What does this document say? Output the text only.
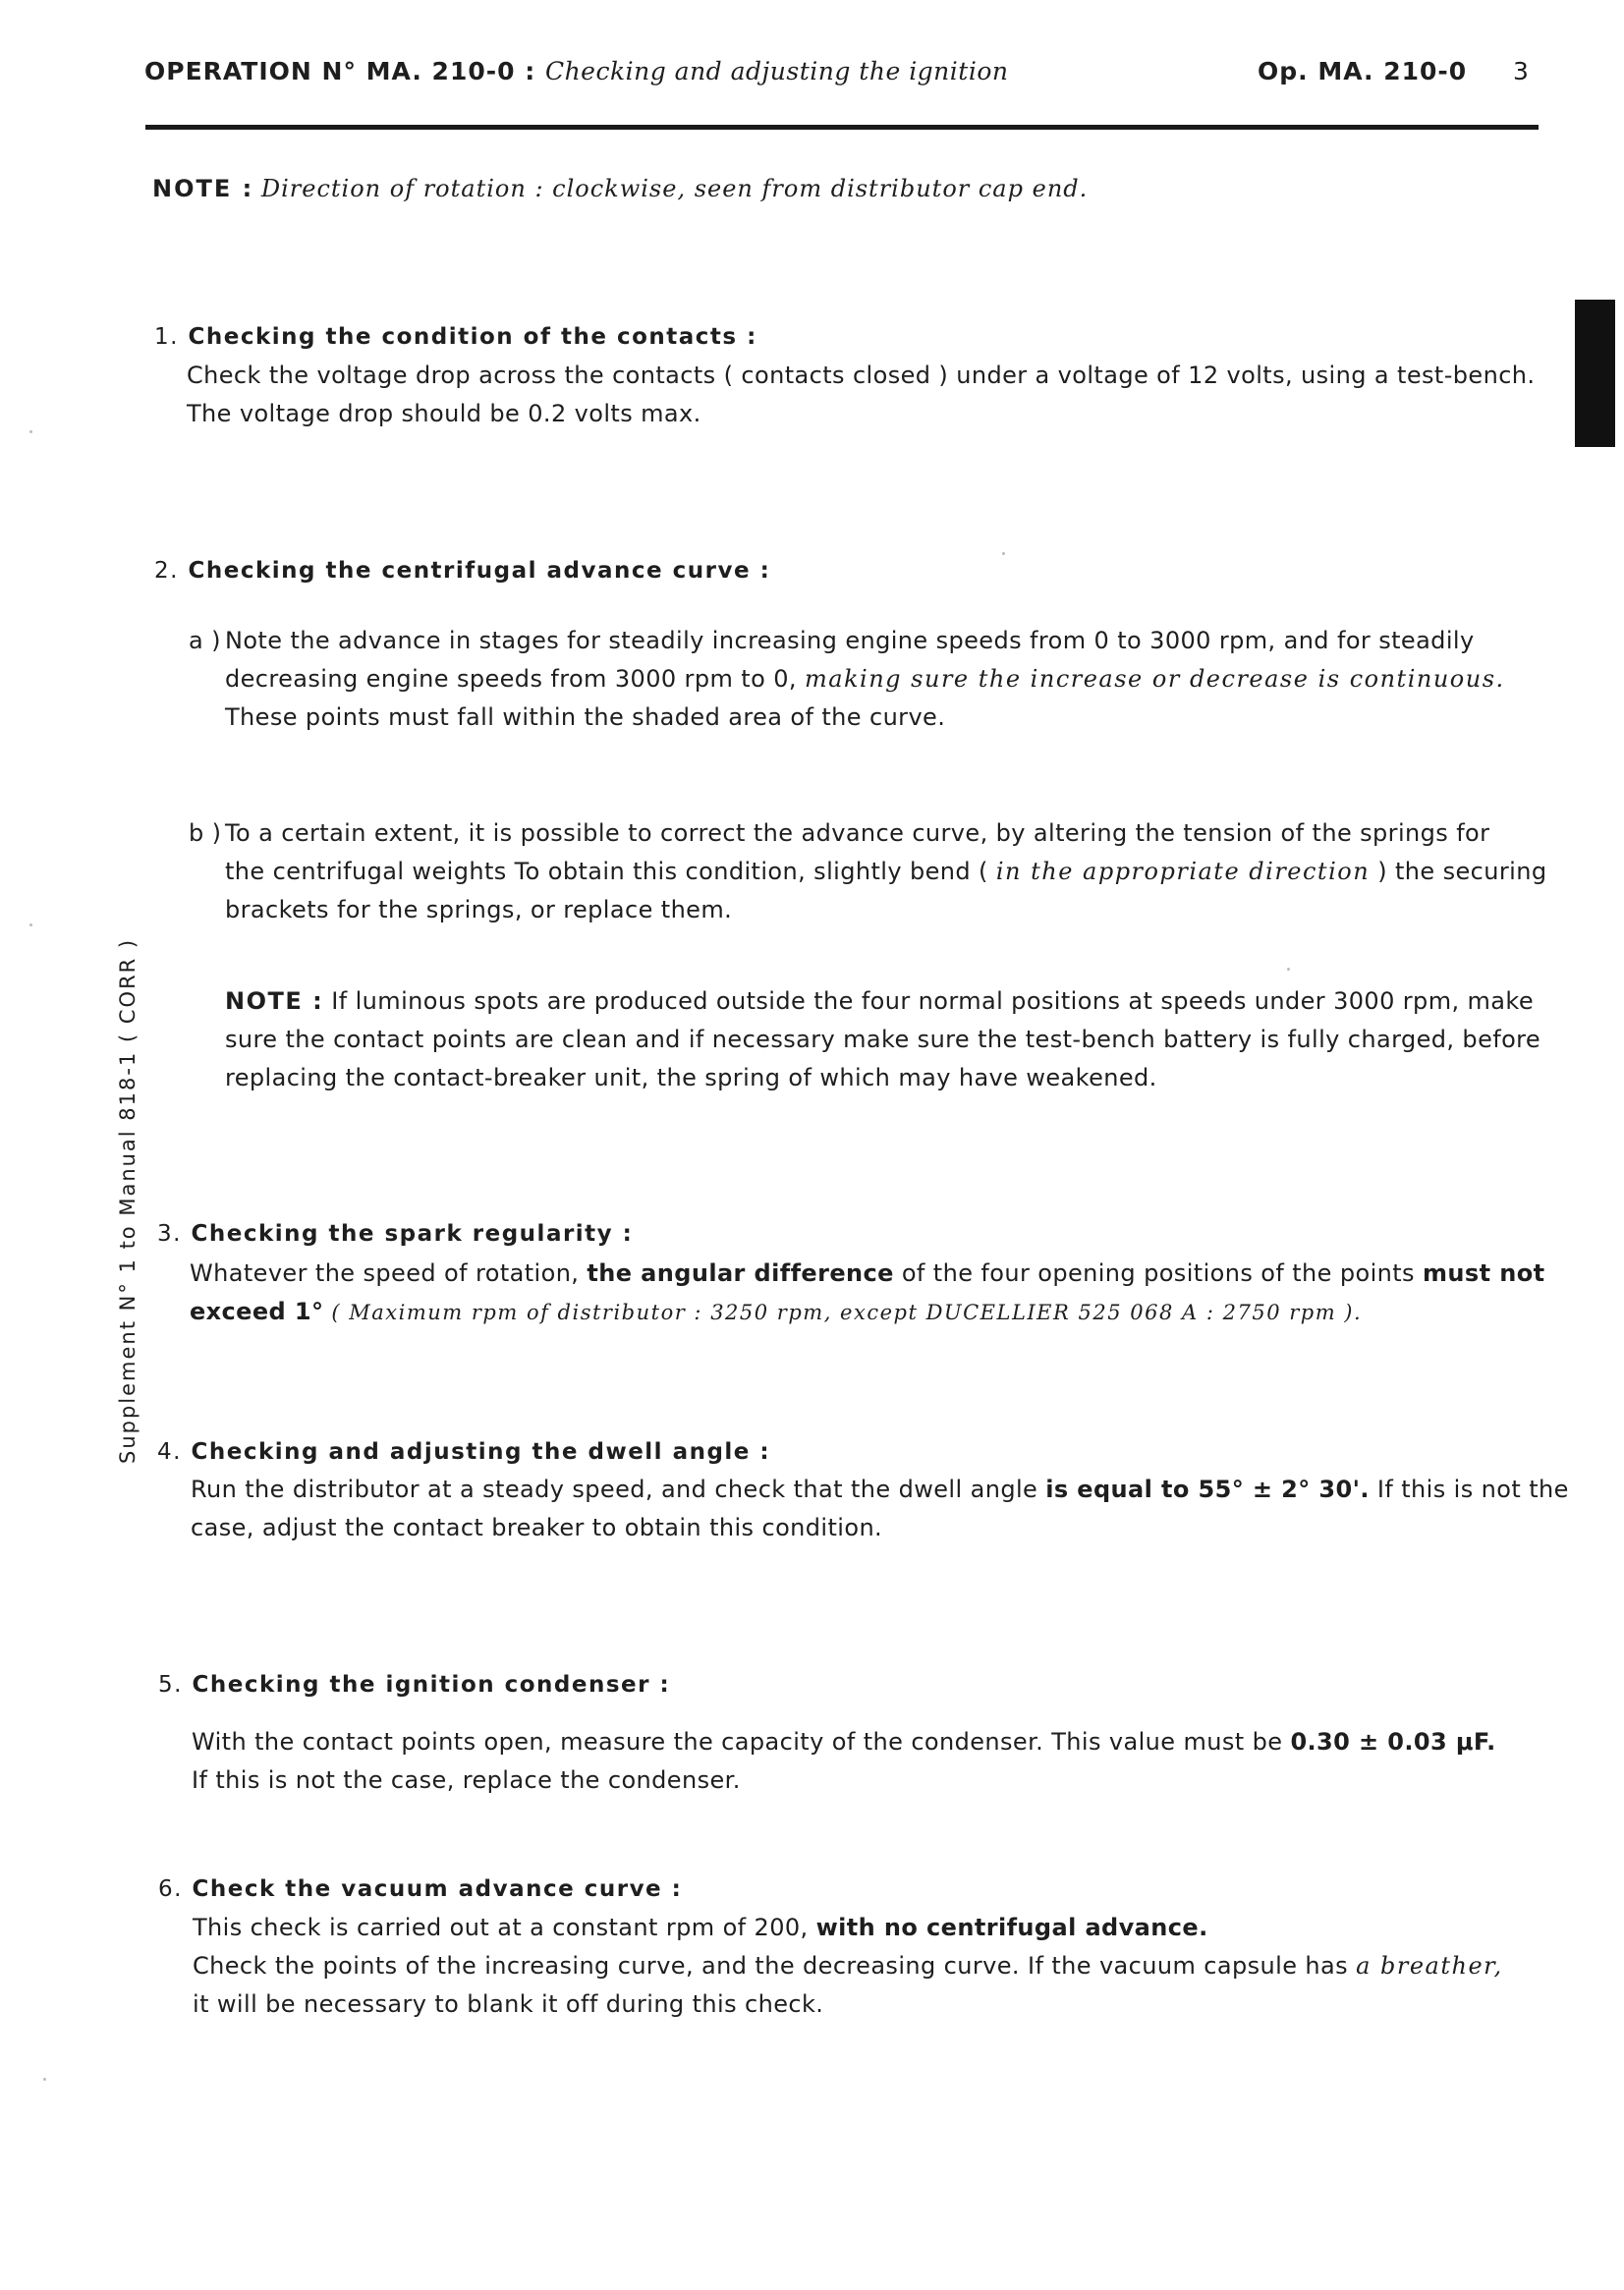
OPERATION N° MA. 210-0 : Checking and adjusting the ignition	Op. MA. 210-0 3
NOTE : Direction of rotation : clockwise, seen from distributor cap end.
Supplement N° 1 to Manual 818-1 ( CORR )
1. Checking the condition of the contacts :

Check the voltage drop across the contacts ( contacts closed ) under a voltage of 12 volts, using a test-bench.

The voltage drop should be 0.2 volts max.

2. Checking the centrifugal advance curve :
a ) Note the advance in stages for steadily increasing engine speeds from 0 to 3000 rpm, and for steadily

decreasing engine speeds from 3000 rpm to 0, making sure the increase or decrease is continuous.

These points must fall within the shaded area of the curve.

b ) To a certain extent, it is possible to correct the advance curve, by altering the tension of the springs for

the centrifugal weights To obtain this condition, slightly bend ( in the appropriate direction ) the securing

brackets for the springs, or replace them.

NOTE : If luminous spots are produced outside the four normal positions at speeds under 3000 rpm, make

sure the contact points are clean and if necessary make sure the test-bench battery is fully charged, before

replacing the contact-breaker unit, the spring of which may have weakened.

3. Checking the spark regularity :

Whatever the speed of rotation, the angular difference of the four opening positions of the points must not

exceed 1° ( Maximum rpm of distributor : 3250 rpm, except DUCELLIER 525 068 A : 2750 rpm ).

4. Checking and adjusting the dwell angle :

Run the distributor at a steady speed, and check that the dwell angle is equal to 55° ± 2° 30'. If this is not the

case, adjust the contact breaker to obtain this condition.

5. Checking the ignition condenser :

With the contact points open, measure the capacity of the condenser. This value must be 0.30 ± 0.03 μF.

If this is not the case, replace the condenser.

6. Check the vacuum advance curve :

This check is carried out at a constant rpm of 200, with no centrifugal advance.

Check the points of the increasing curve, and the decreasing curve. If the vacuum capsule has a breather,

it will be necessary to blank it off during this check.
